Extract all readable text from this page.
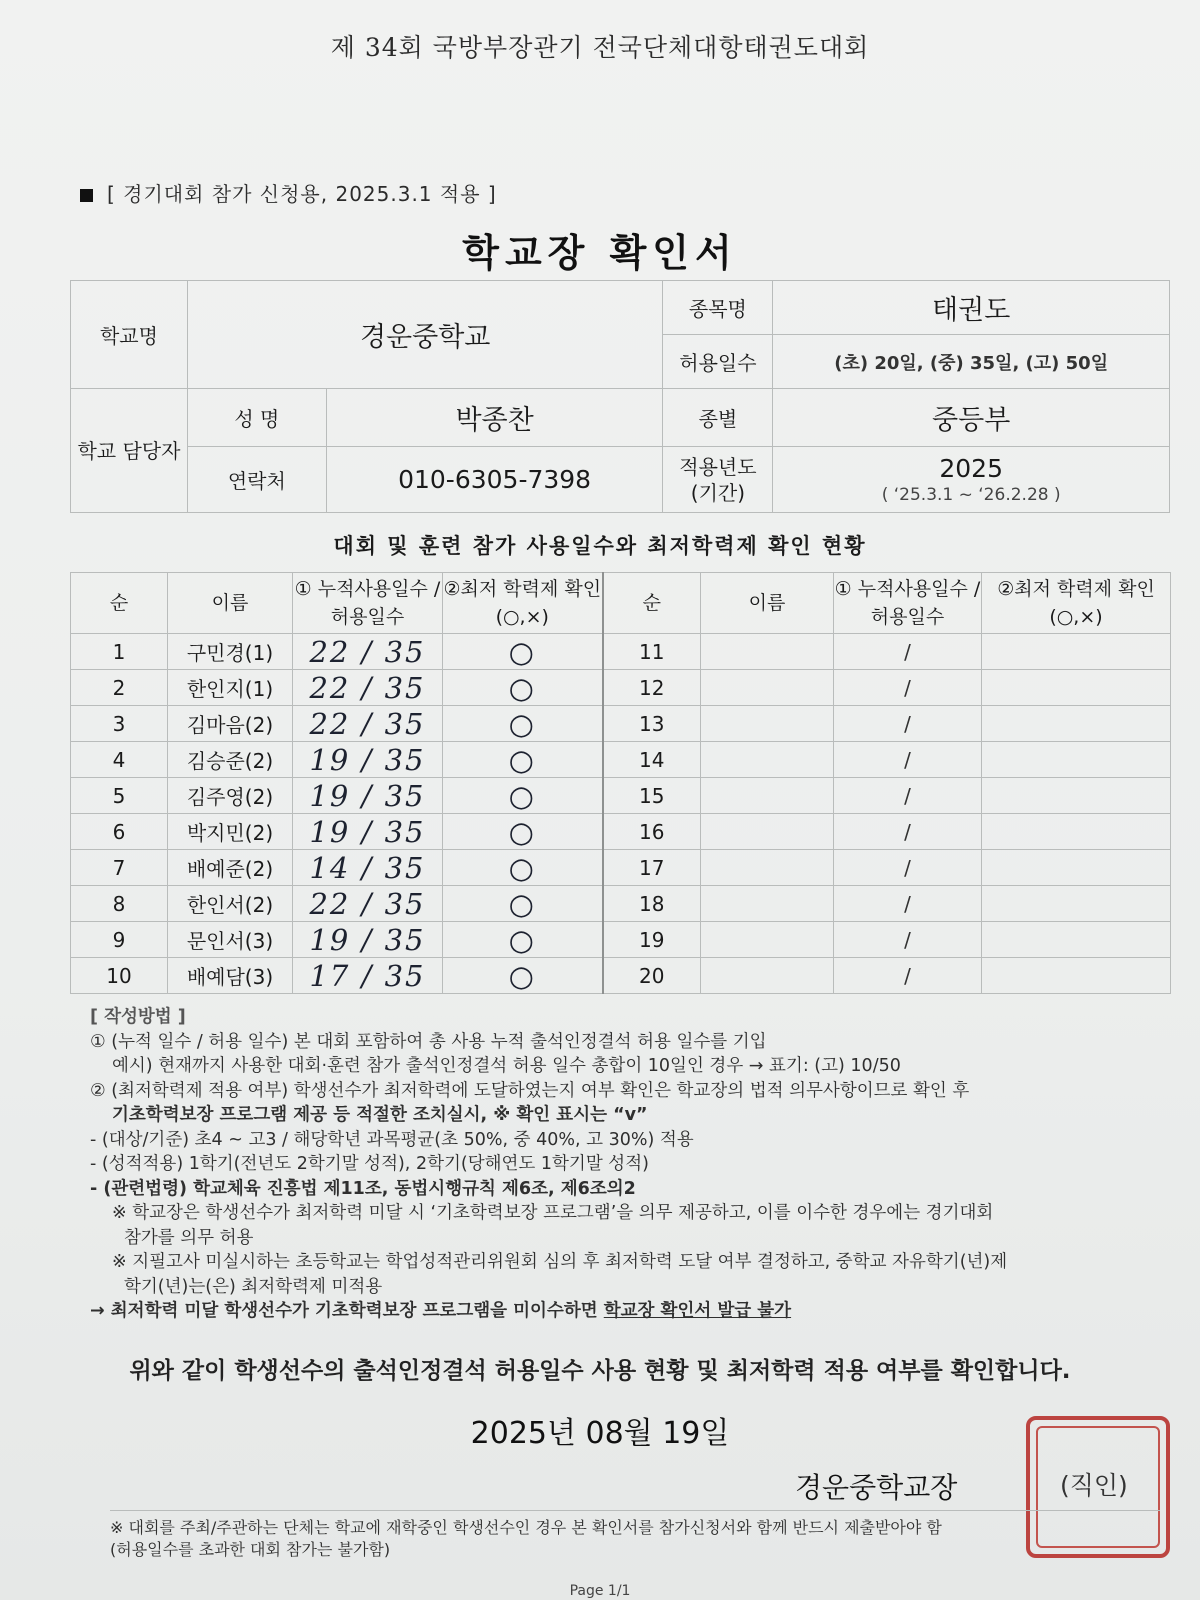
제 34회 국방부장관기 전국단체대항태권도대회

[ 경기대회 참가 신청용, 2025.3.1 적용 ]
학교장 확인서
학교명	경운중학교		종목명	태권도
			허용일수	(초) 20일, (중) 35일, (고) 50일
학교 담당자	성 명	박종찬	종별	중등부
	연락처	010-6305-7398	적용년도 (기간)	2025
( ‘25.3.1 ~ ‘26.2.28 )
대회 및 훈련 참가 사용일수와 최저학력제 확인 현황
순	이름	① 누적사용일수 /허용일수	②최저 학력제 확인(○,×)	순	이름	① 누적사용일수 /허용일수	②최저 학력제 확인(○,×)
1	구민경(1)	22 / 35	○	11		/	
2	한인지(1)	22 / 35	○	12		/	
3	김마음(2)	22 / 35	○	13		/	
4	김승준(2)	19 / 35	○	14		/	
5	김주영(2)	19 / 35	○	15		/	
6	박지민(2)	19 / 35	○	16		/	
7	배예준(2)	14 / 35	○	17		/	
8	한인서(2)	22 / 35	○	18		/	
9	문인서(3)	19 / 35	○	19		/	
10	배예담(3)	17 / 35	○	20		/	
[ 작성방법 ]
① (누적 일수 / 허용 일수) 본 대회 포함하여 총 사용 누적 출석인정결석 허용 일수를 기입
예시) 현재까지 사용한 대회·훈련 참가 출석인정결석 허용 일수 총합이 10일인 경우 → 표기: (고) 10/50
② (최저학력제 적용 여부) 학생선수가 최저학력에 도달하였는지 여부 확인은 학교장의 법적 의무사항이므로 확인 후
기초학력보장 프로그램 제공 등 적절한 조치실시, ※ 확인 표시는 “v”
- (대상/기준) 초4 ~ 고3 / 해당학년 과목평균(초 50%, 중 40%, 고 30%) 적용
- (성적적용) 1학기(전년도 2학기말 성적), 2학기(당해연도 1학기말 성적)
- (관련법령) 학교체육 진흥법 제11조, 동법시행규칙 제6조, 제6조의2
※ 학교장은 학생선수가 최저학력 미달 시 ‘기초학력보장 프로그램’을 의무 제공하고, 이를 이수한 경우에는 경기대회
참가를 의무 허용
※ 지필고사 미실시하는 초등학교는 학업성적관리위원회 심의 후 최저학력 도달 여부 결정하고, 중학교 자유학기(년)제
학기(년)는(은) 최저학력제 미적용
→ 최저학력 미달 학생선수가 기초학력보장 프로그램을 미이수하면 학교장 확인서 발급 불가
위와 같이 학생선수의 출석인정결석 허용일수 사용 현황 및 최저학력 적용 여부를 확인합니다.
2025년 08월 19일
경운중학교장	(직인)
※ 대회를 주최/주관하는 단체는 학교에 재학중인 학생선수인 경우 본 확인서를 참가신청서와 함께 반드시 제출받아야 함
(허용일수를 초과한 대회 참가는 불가함)
Page 1/1
